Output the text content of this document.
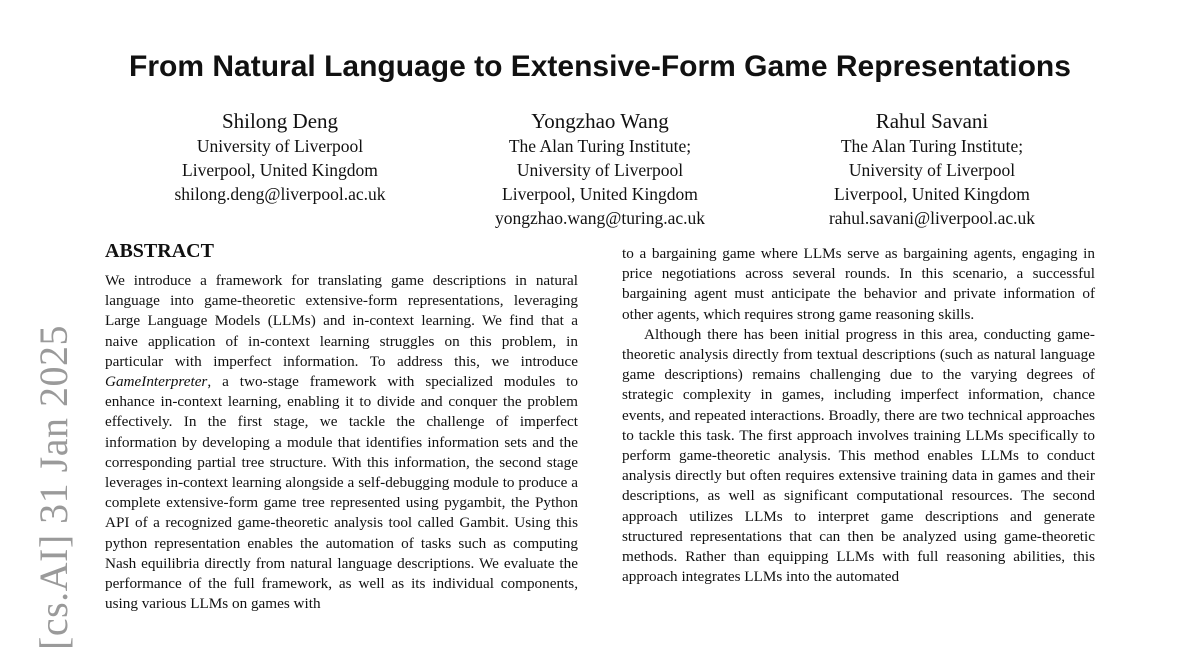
[cs.AI] 31 Jan 2025
From Natural Language to Extensive-Form Game Representations
Shilong Deng
University of Liverpool
Liverpool, United Kingdom
shilong.deng@liverpool.ac.uk
Yongzhao Wang
The Alan Turing Institute;
University of Liverpool
Liverpool, United Kingdom
yongzhao.wang@turing.ac.uk
Rahul Savani
The Alan Turing Institute;
University of Liverpool
Liverpool, United Kingdom
rahul.savani@liverpool.ac.uk
ABSTRACT

We introduce a framework for translating game descriptions in natural language into game-theoretic extensive-form representations, leveraging Large Language Models (LLMs) and in-context learning. We find that a naive application of in-context learning struggles on this problem, in particular with imperfect information. To address this, we introduce GameInterpreter, a two-stage framework with specialized modules to enhance in-context learning, enabling it to divide and conquer the problem effectively. In the first stage, we tackle the challenge of imperfect information by developing a module that identifies information sets and the corresponding partial tree structure. With this information, the second stage leverages in-context learning alongside a self-debugging module to produce a complete extensive-form game tree represented using pygambit, the Python API of a recognized game-theoretic analysis tool called Gambit. Using this python representation enables the automation of tasks such as computing Nash equilibria directly from natural language descriptions. We evaluate the performance of the full framework, as well as its individual components, using various LLMs on games with

to a bargaining game where LLMs serve as bargaining agents, engaging in price negotiations across several rounds. In this scenario, a successful bargaining agent must anticipate the behavior and private information of other agents, which requires strong game reasoning skills.

Although there has been initial progress in this area, conducting game-theoretic analysis directly from textual descriptions (such as natural language game descriptions) remains challenging due to the varying degrees of strategic complexity in games, including imperfect information, chance events, and repeated interactions. Broadly, there are two technical approaches to tackle this task. The first approach involves training LLMs specifically to perform game-theoretic analysis. This method enables LLMs to conduct analysis directly but often requires extensive training data in games and their descriptions, as well as significant computational resources. The second approach utilizes LLMs to interpret game descriptions and generate structured representations that can then be analyzed using game-theoretic methods. Rather than equipping LLMs with full reasoning abilities, this approach integrates LLMs into the automated
